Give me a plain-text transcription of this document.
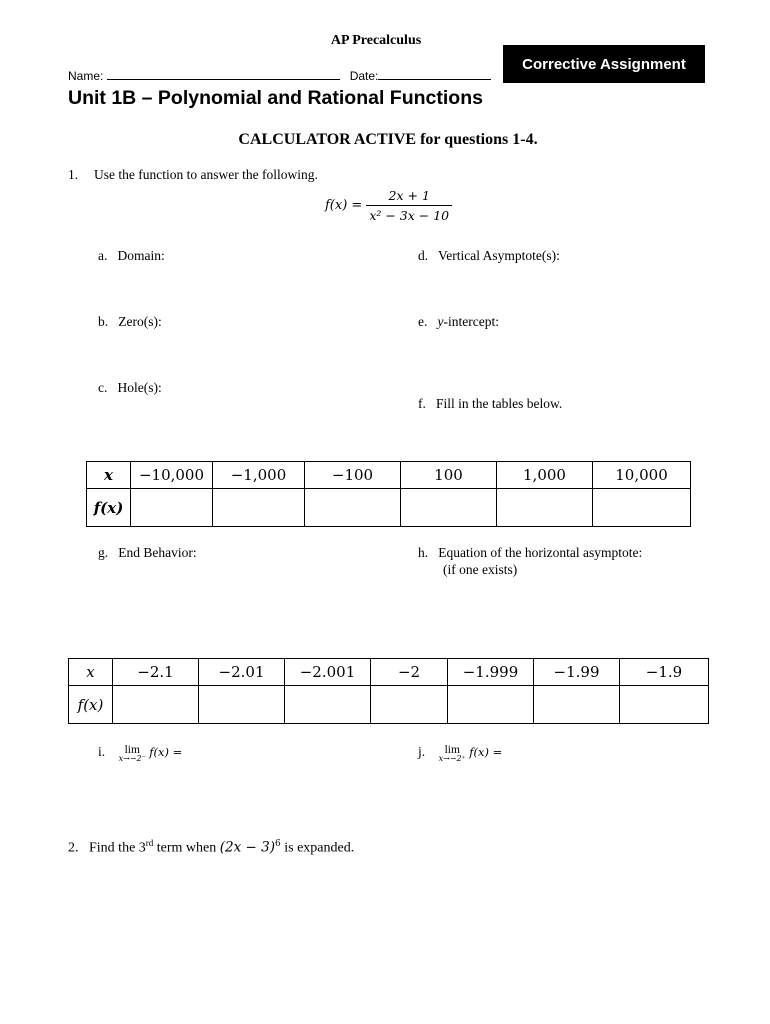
AP Precalculus
Corrective Assignment
Name:	Date:
Unit 1B – Polynomial and Rational Functions
CALCULATOR ACTIVE for questions 1-4.
1. Use the function to answer the following.
$f(x) = \frac{2x + 1}{\text{x² − 3x − 10}}$
a. Domain:
b. Zero(s):
c. Hole(s):
d. Vertical Asymptote(s):
e. y-intercept:
f. Fill in the tables below.
x	−10,000	−1,000	−100	100	1,000	10,000
f(x)						
g. End Behavior:	h. Equation of the horizontal asymptote:
(if one exists)
x	−2.1	−2.01	−2.001	−2	−1.999	−1.99	−1.9
f(x)							
i. lim
x→−2⁻ f(x) =	j. lim
x→−2⁺ f(x) =
2. Find the 3rd term when $(2x - 3)^6$ is expanded.
